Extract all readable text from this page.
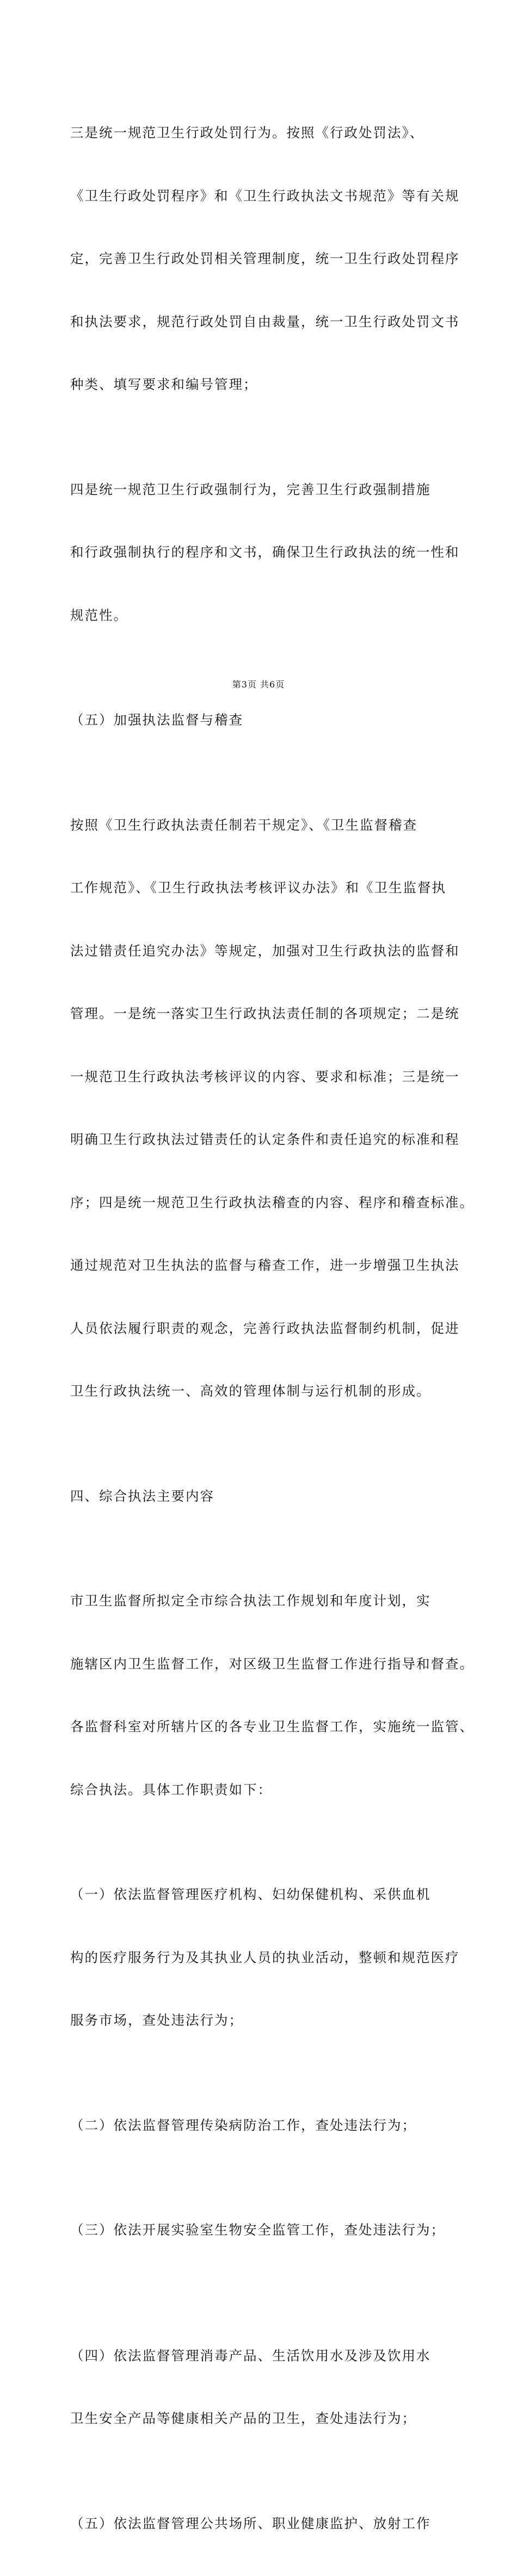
三是统一规范卫生行政处罚行为。按照《行政处罚法》、

《卫生行政处罚程序》和《卫生行政执法文书规范》等有关规

定，完善卫生行政处罚相关管理制度，统一卫生行政处罚程序

和执法要求，规范行政处罚自由裁量，统一卫生行政处罚文书

种类、填写要求和编号管理；

四是统一规范卫生行政强制行为，完善卫生行政强制措施

和行政强制执行的程序和文书，确保卫生行政执法的统一性和

规范性。

（五）加强执法监督与稽查

按照《卫生行政执法责任制若干规定》、《卫生监督稽查

工作规范》、《卫生行政执法考核评议办法》和《卫生监督执

法过错责任追究办法》等规定，加强对卫生行政执法的监督和

管理。一是统一落实卫生行政执法责任制的各项规定；二是统

一规范卫生行政执法考核评议的内容、要求和标准；三是统一

明确卫生行政执法过错责任的认定条件和责任追究的标准和程

序；四是统一规范卫生行政执法稽查的内容、程序和稽查标准。

通过规范对卫生执法的监督与稽查工作，进一步增强卫生执法

人员依法履行职责的观念，完善行政执法监督制约机制，促进

卫生行政执法统一、高效的管理体制与运行机制的形成。

四、综合执法主要内容

市卫生监督所拟定全市综合执法工作规划和年度计划，实

施辖区内卫生监督工作，对区级卫生监督工作进行指导和督查。

各监督科室对所辖片区的各专业卫生监督工作，实施统一监管、

综合执法。具体工作职责如下：

（一）依法监督管理医疗机构、妇幼保健机构、采供血机

构的医疗服务行为及其执业人员的执业活动，整顿和规范医疗

服务市场，查处违法行为；

（二）依法监督管理传染病防治工作，查处违法行为；

（三）依法开展实验室生物安全监管工作，查处违法行为；

（四）依法监督管理消毒产品、生活饮用水及涉及饮用水

卫生安全产品等健康相关产品的卫生，查处违法行为；

（五）依法监督管理公共场所、职业健康监护、放射工作

第3页 共6页
